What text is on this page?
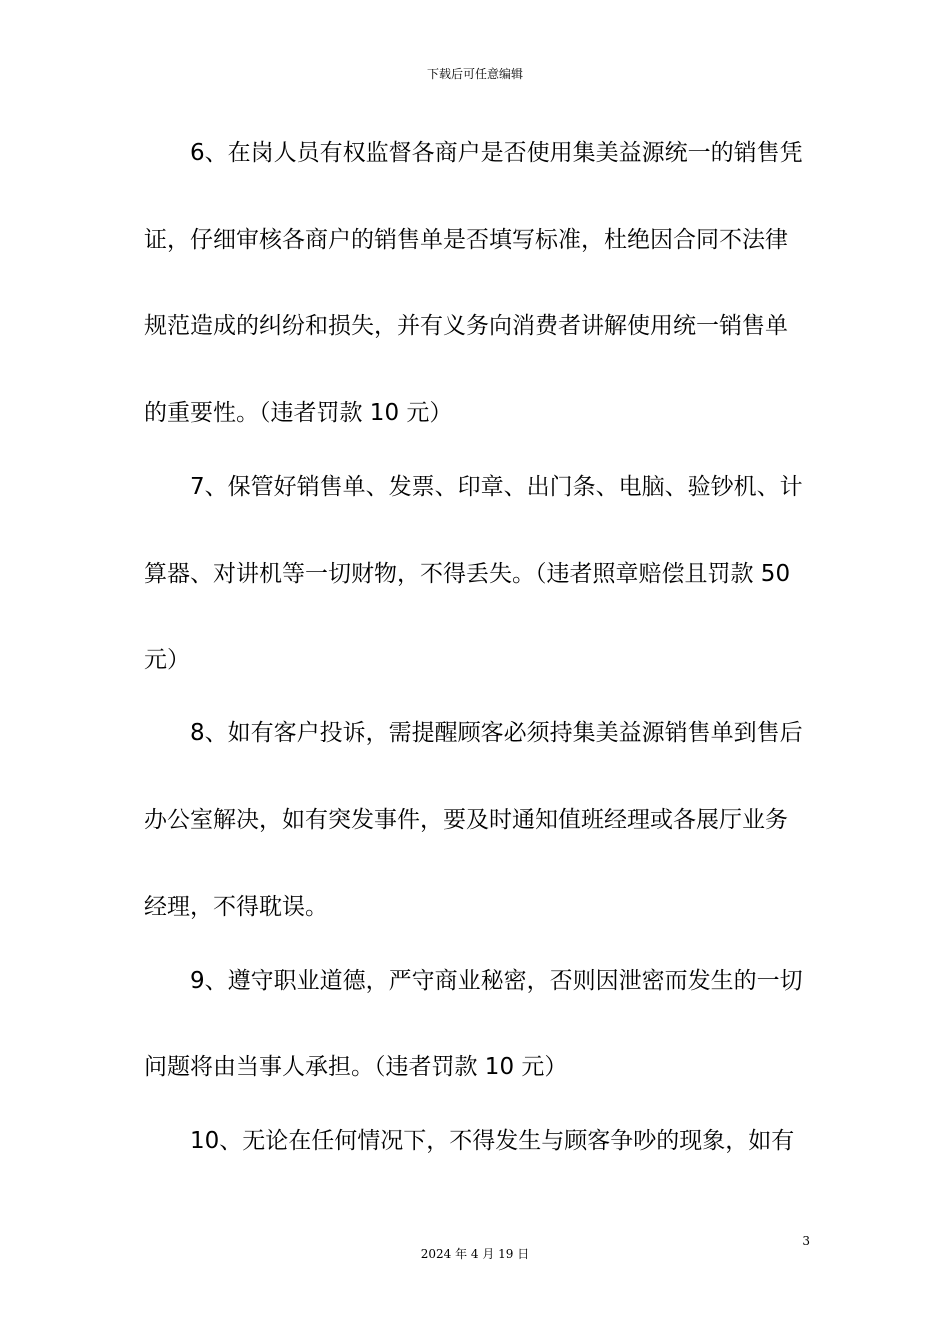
下载后可任意编辑
6、在岗人员有权监督各商户是否使用集美益源统一的销售凭
证，仔细审核各商户的销售单是否填写标准，杜绝因合同不法律
规范造成的纠纷和损失，并有义务向消费者讲解使用统一销售单
的重要性。（违者罚款 10 元）
7、保管好销售单、发票、印章、出门条、电脑、验钞机、计
算器、对讲机等一切财物，不得丢失。（违者照章赔偿且罚款 50
元）
8、如有客户投诉，需提醒顾客必须持集美益源销售单到售后
办公室解决，如有突发事件，要及时通知值班经理或各展厅业务
经理，不得耽误。
9、遵守职业道德，严守商业秘密，否则因泄密而发生的一切
问题将由当事人承担。（违者罚款 10 元）
10、无论在任何情况下，不得发生与顾客争吵的现象，如有
3
2024 年 4 月 19 日
